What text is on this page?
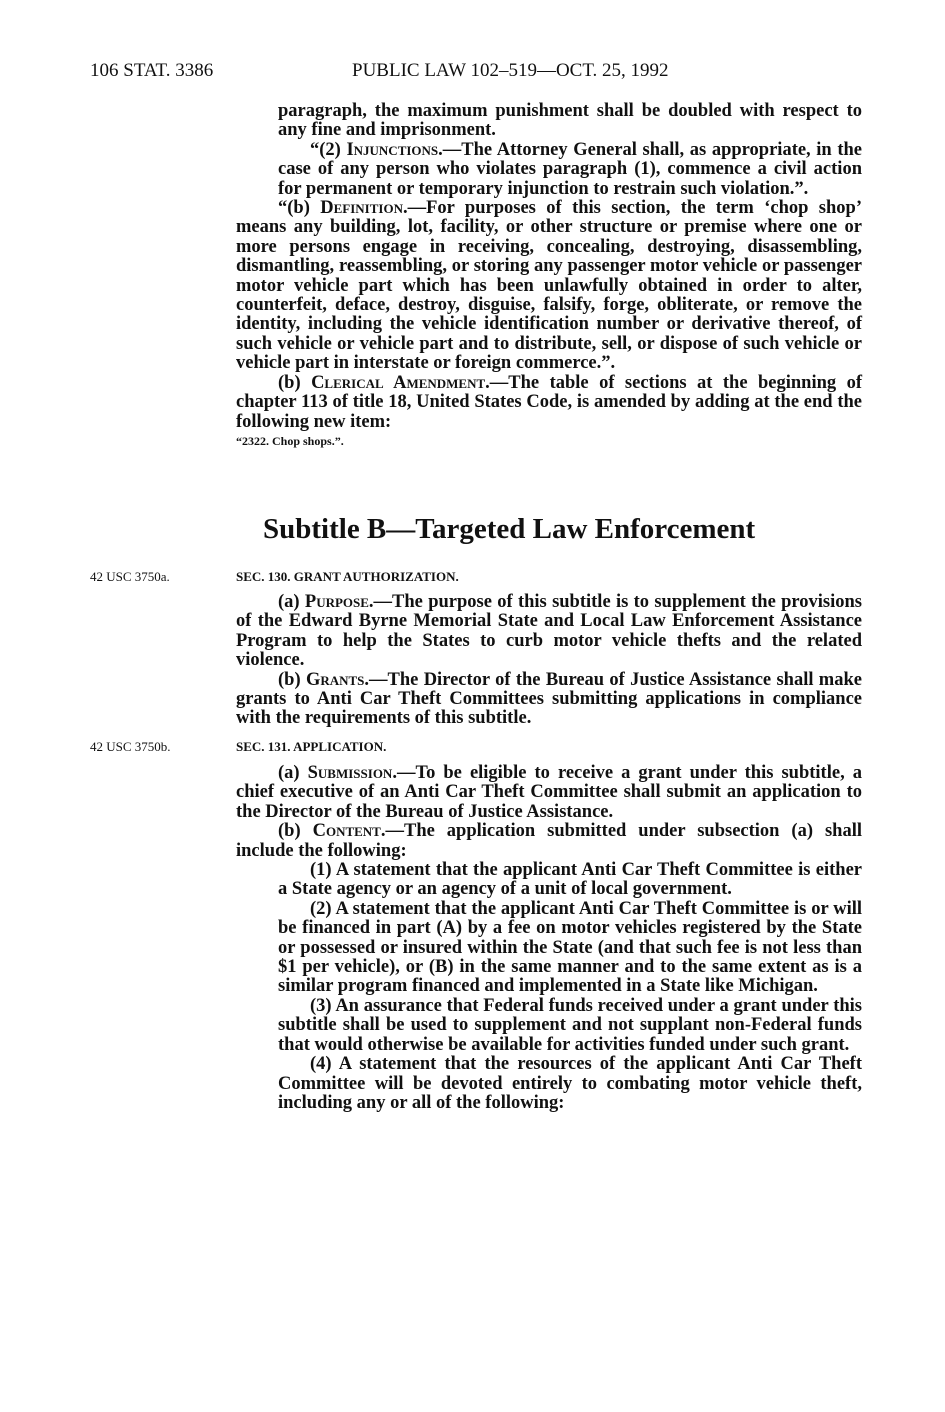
106 STAT. 3386	PUBLIC LAW 102–519—OCT. 25, 1992

paragraph, the maximum punishment shall be doubled with respect to any fine and imprisonment.

“(2) Injunctions.—The Attorney General shall, as appropriate, in the case of any person who violates paragraph (1), commence a civil action for permanent or temporary injunction to restrain such violation.”.

“(b) Definition.—For purposes of this section, the term ‘chop shop’ means any building, lot, facility, or other structure or premise where one or more persons engage in receiving, concealing, destroying, disassembling, dismantling, reassembling, or storing any passenger motor vehicle or passenger motor vehicle part which has been unlawfully obtained in order to alter, counterfeit, deface, destroy, disguise, falsify, forge, obliterate, or remove the identity, including the vehicle identification number or derivative thereof, of such vehicle or vehicle part and to distribute, sell, or dispose of such vehicle or vehicle part in interstate or foreign commerce.”.

(b) Clerical Amendment.—The table of sections at the beginning of chapter 113 of title 18, United States Code, is amended by adding at the end the following new item:

“2322. Chop shops.”.

Subtitle B—Targeted Law Enforcement
42 USC 3750a.	SEC. 130. GRANT AUTHORIZATION.

(a) Purpose.—The purpose of this subtitle is to supplement the provisions of the Edward Byrne Memorial State and Local Law Enforcement Assistance Program to help the States to curb motor vehicle thefts and the related violence.

(b) Grants.—The Director of the Bureau of Justice Assistance shall make grants to Anti Car Theft Committees submitting applications in compliance with the requirements of this subtitle.

42 USC 3750b.	SEC. 131. APPLICATION.

(a) Submission.—To be eligible to receive a grant under this subtitle, a chief executive of an Anti Car Theft Committee shall submit an application to the Director of the Bureau of Justice Assistance.

(b) Content.—The application submitted under subsection (a) shall include the following:

(1) A statement that the applicant Anti Car Theft Committee is either a State agency or an agency of a unit of local government.

(2) A statement that the applicant Anti Car Theft Committee is or will be financed in part (A) by a fee on motor vehicles registered by the State or possessed or insured within the State (and that such fee is not less than $1 per vehicle), or (B) in the same manner and to the same extent as is a similar program financed and implemented in a State like Michigan.

(3) An assurance that Federal funds received under a grant under this subtitle shall be used to supplement and not supplant non-Federal funds that would otherwise be available for activities funded under such grant.

(4) A statement that the resources of the applicant Anti Car Theft Committee will be devoted entirely to combating motor vehicle theft, including any or all of the following:
